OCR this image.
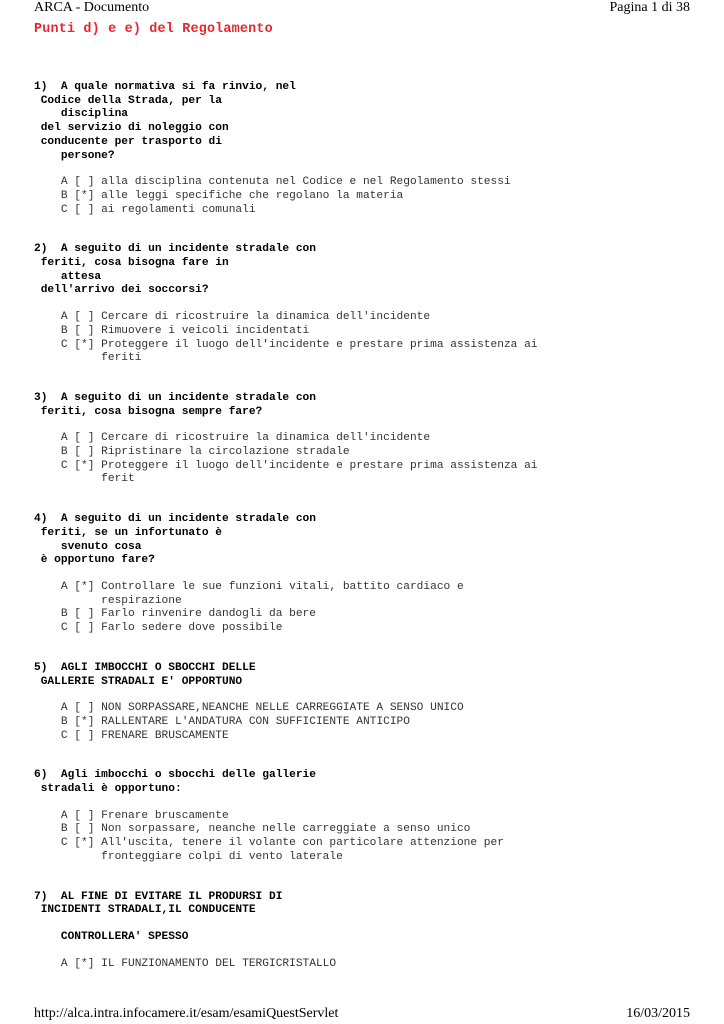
ARCA - Documento	Pagina 1 di 38
Punti d) e e) del Regolamento
1)  A quale normativa si fa rinvio, nel
Codice della Strada, per la
disciplina
del servizio di noleggio con
conducente per trasporto di
persone?
A [ ] alla disciplina contenuta nel Codice e nel Regolamento stessi
B [*] alle leggi specifiche che regolano la materia
C [ ] ai regolamenti comunali
2)  A seguito di un incidente stradale con
feriti, cosa bisogna fare in
attesa
dell'arrivo dei soccorsi?
A [ ] Cercare di ricostruire la dinamica dell'incidente
B [ ] Rimuovere i veicoli incidentati
C [*] Proteggere il luogo dell'incidente e prestare prima assistenza ai
feriti
3)  A seguito di un incidente stradale con
feriti, cosa bisogna sempre fare?
A [ ] Cercare di ricostruire la dinamica dell'incidente
B [ ] Ripristinare la circolazione stradale
C [*] Proteggere il luogo dell'incidente e prestare prima assistenza ai
ferit
4)  A seguito di un incidente stradale con
feriti, se un infortunato è
svenuto cosa
è opportuno fare?
A [*] Controllare le sue funzioni vitali, battito cardiaco e
respirazione
B [ ] Farlo rinvenire dandogli da bere
C [ ] Farlo sedere dove possibile
5)  AGLI IMBOCCHI O SBOCCHI DELLE
GALLERIE STRADALI E' OPPORTUNO
A [ ] NON SORPASSARE,NEANCHE NELLE CARREGGIATE A SENSO UNICO
B [*] RALLENTARE L'ANDATURA CON SUFFICIENTE ANTICIPO
C [ ] FRENARE BRUSCAMENTE
6)  Agli imbocchi o sbocchi delle gallerie
stradali è opportuno:
A [ ] Frenare bruscamente
B [ ] Non sorpassare, neanche nelle carreggiate a senso unico
C [*] All'uscita, tenere il volante con particolare attenzione per
fronteggiare colpi di vento laterale
7)  AL FINE DI EVITARE IL PRODURSI DI
INCIDENTI STRADALI,IL CONDUCENTE
CONTROLLERA' SPESSO
A [*] IL FUNZIONAMENTO DEL TERGICRISTALLO
http://alca.intra.infocamere.it/esam/esamiQuestServlet	16/03/2015
